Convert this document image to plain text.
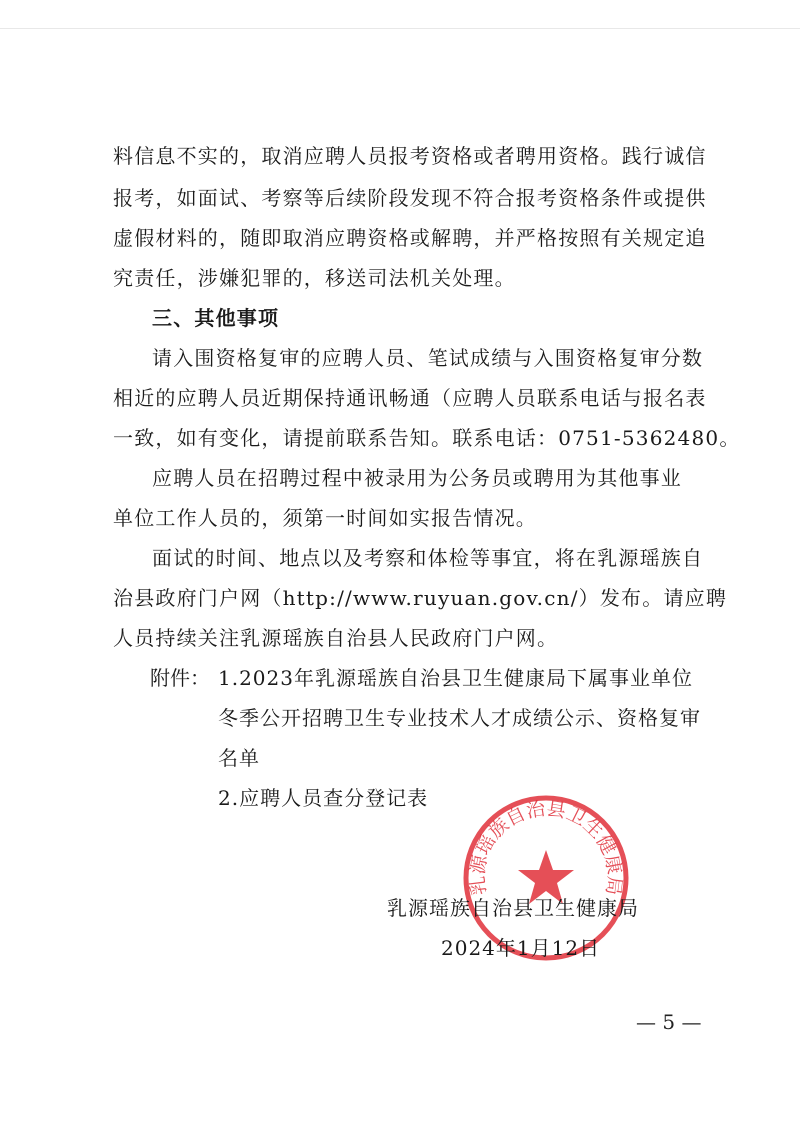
料信息不实的，取消应聘人员报考资格或者聘用资格。践行诚信
报考，如面试、考察等后续阶段发现不符合报考资格条件或提供
虚假材料的，随即取消应聘资格或解聘，并严格按照有关规定追
究责任，涉嫌犯罪的，移送司法机关处理。
三、其他事项
请入围资格复审的应聘人员、笔试成绩与入围资格复审分数
相近的应聘人员近期保持通讯畅通（应聘人员联系电话与报名表
一致，如有变化，请提前联系告知。联系电话：0751-5362480。
应聘人员在招聘过程中被录用为公务员或聘用为其他事业
单位工作人员的，须第一时间如实报告情况。
面试的时间、地点以及考察和体检等事宜，将在乳源瑶族自
治县政府门户网（http://www.ruyuan.gov.cn/）发布。请应聘
人员持续关注乳源瑶族自治县人民政府门户网。
附件： 1.2023年乳源瑶族自治县卫生健康局下属事业单位
冬季公开招聘卫生专业技术人才成绩公示、资格复审
名单
2.应聘人员查分登记表
乳源瑶族自治县卫生健康局
乳源瑶族自治县卫生健康局
2024年1月12日
— 5 —
